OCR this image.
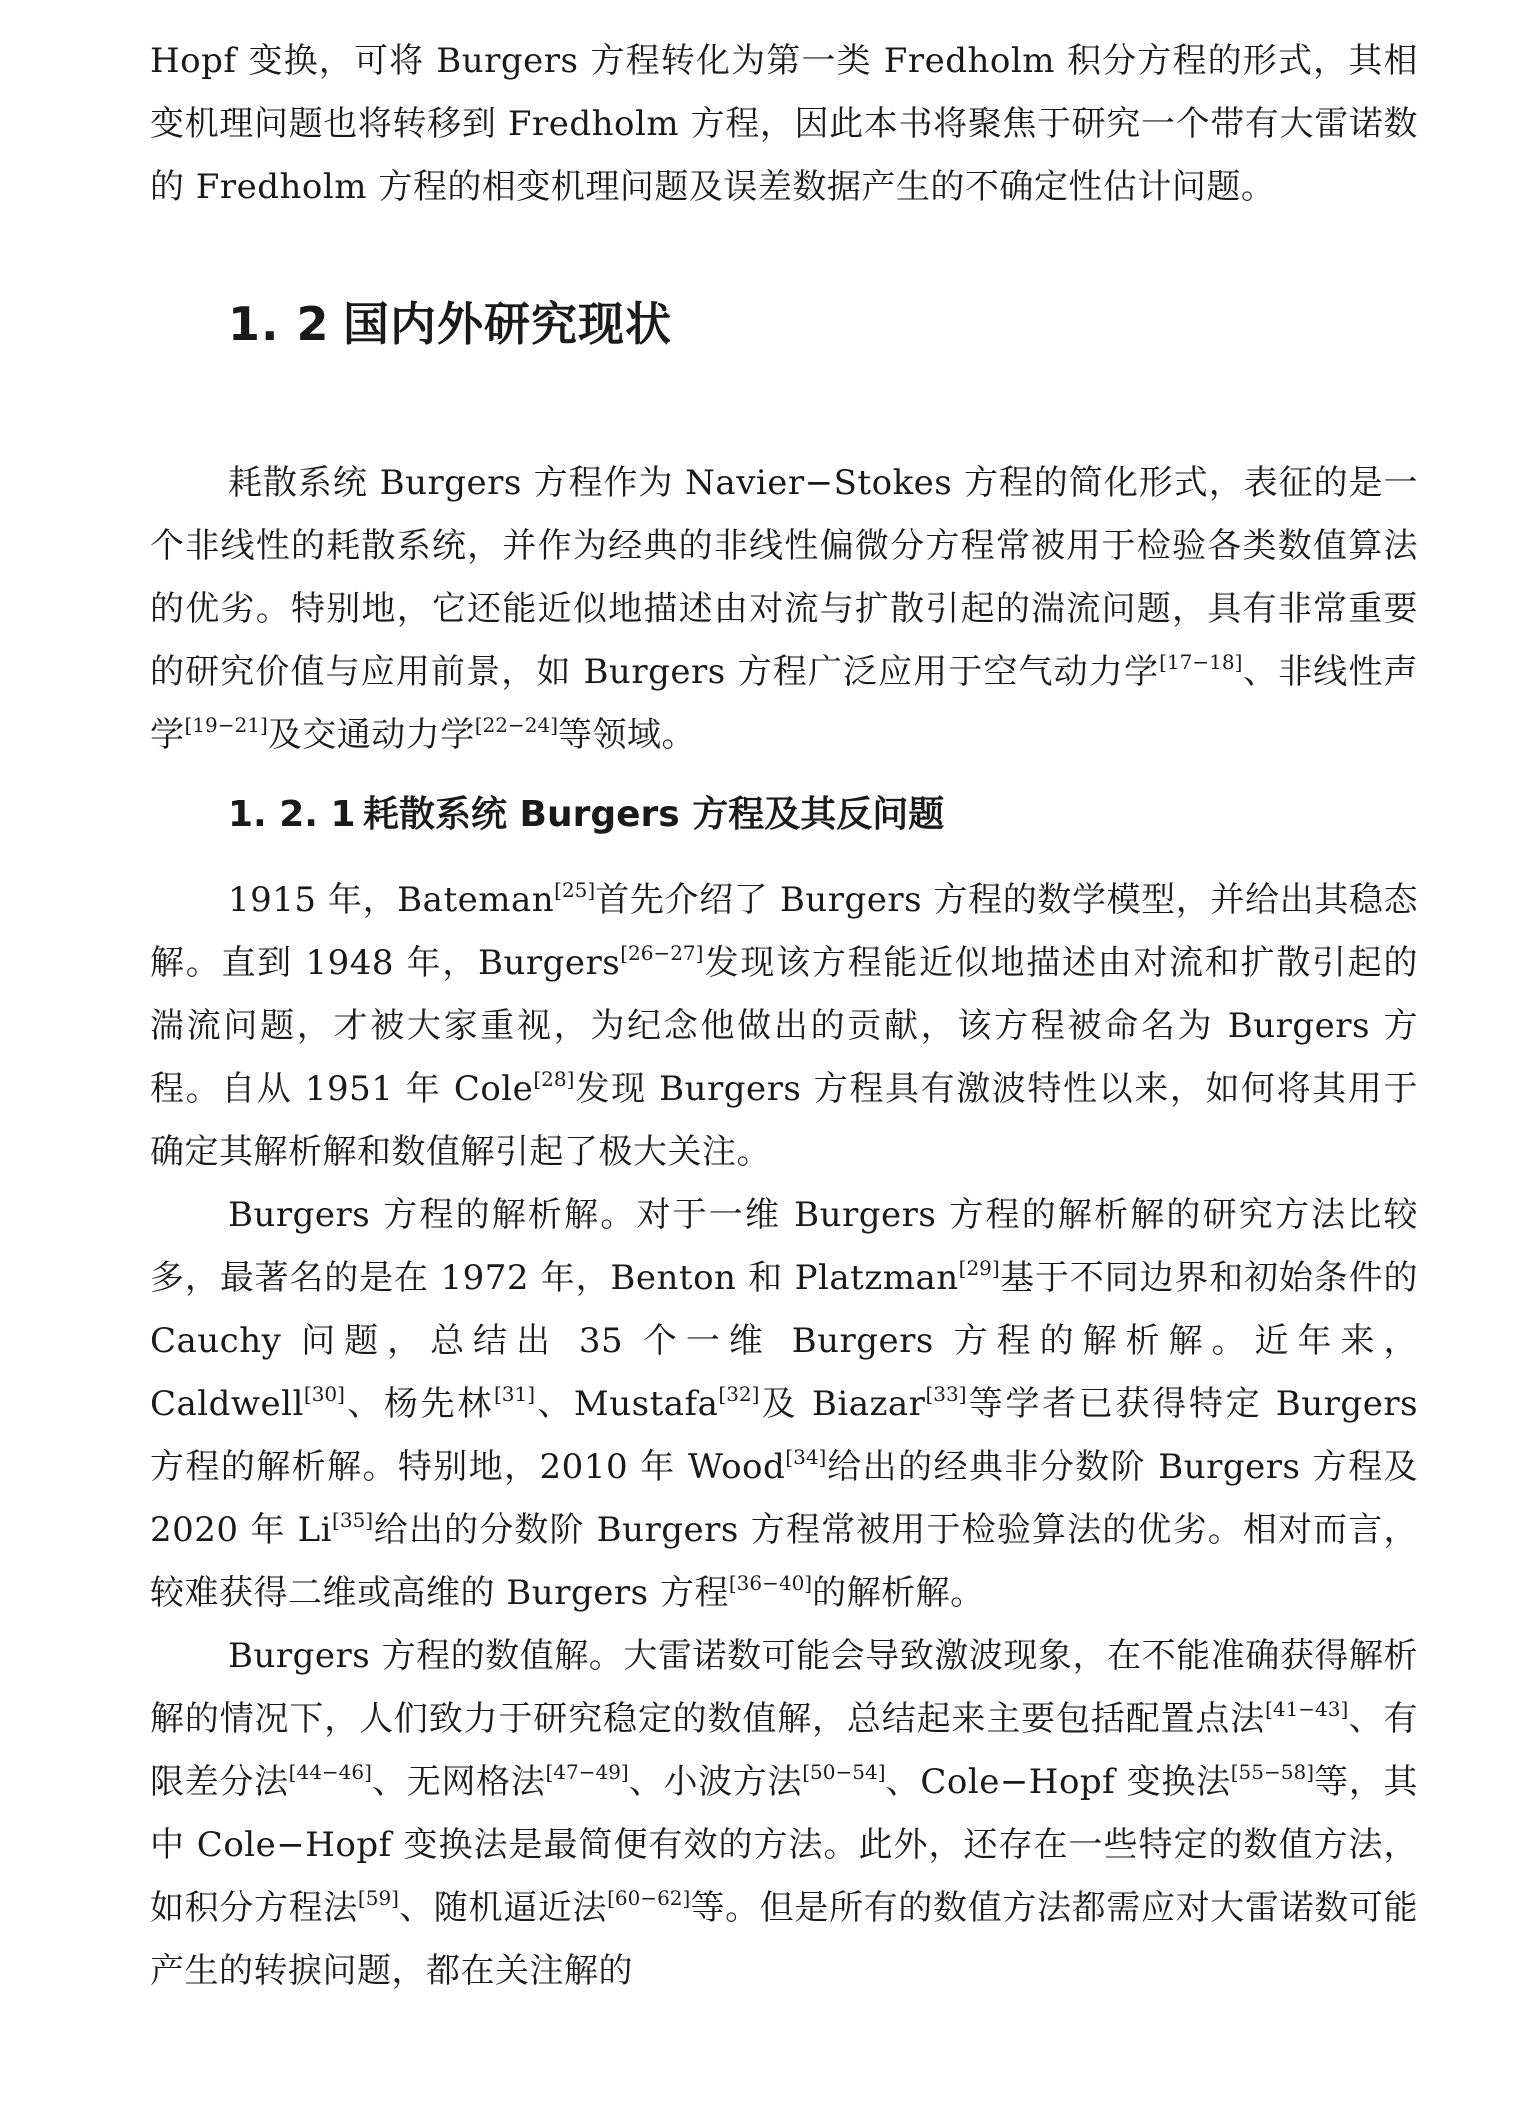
Hopf 变换，可将 Burgers 方程转化为第一类 Fredholm 积分方程的形式，其相变机理问题也将转移到 Fredholm 方程，因此本书将聚焦于研究一个带有大雷诺数的 Fredholm 方程的相变机理问题及误差数据产生的不确定性估计问题。

1. 2 国内外研究现状

耗散系统 Burgers 方程作为 Navier−Stokes 方程的简化形式，表征的是一个非线性的耗散系统，并作为经典的非线性偏微分方程常被用于检验各类数值算法的优劣。特别地，它还能近似地描述由对流与扩散引起的湍流问题，具有非常重要的研究价值与应用前景，如 Burgers 方程广泛应用于空气动力学[17−18]、非线性声学[19−21]及交通动力学[22−24]等领域。

1. 2. 1 耗散系统 Burgers 方程及其反问题

1915 年，Bateman[25]首先介绍了 Burgers 方程的数学模型，并给出其稳态解。直到 1948 年，Burgers[26−27]发现该方程能近似地描述由对流和扩散引起的湍流问题，才被大家重视，为纪念他做出的贡献，该方程被命名为 Burgers 方程。自从 1951 年 Cole[28]发现 Burgers 方程具有激波特性以来，如何将其用于确定其解析解和数值解引起了极大关注。

Burgers 方程的解析解。对于一维 Burgers 方程的解析解的研究方法比较多，最著名的是在 1972 年，Benton 和 Platzman[29]基于不同边界和初始条件的 Cauchy 问题，总结出 35 个一维 Burgers 方程的解析解。近年来，Caldwell[30]、杨先林[31]、Mustafa[32]及 Biazar[33]等学者已获得特定 Burgers 方程的解析解。特别地，2010 年 Wood[34]给出的经典非分数阶 Burgers 方程及 2020 年 Li[35]给出的分数阶 Burgers 方程常被用于检验算法的优劣。相对而言，较难获得二维或高维的 Burgers 方程[36−40]的解析解。

Burgers 方程的数值解。大雷诺数可能会导致激波现象，在不能准确获得解析解的情况下，人们致力于研究稳定的数值解，总结起来主要包括配置点法[41−43]、有限差分法[44−46]、无网格法[47−49]、小波方法[50−54]、Cole−Hopf 变换法[55−58]等，其中 Cole−Hopf 变换法是最简便有效的方法。此外，还存在一些特定的数值方法，如积分方程法[59]、随机逼近法[60−62]等。但是所有的数值方法都需应对大雷诺数可能产生的转捩问题，都在关注解的
